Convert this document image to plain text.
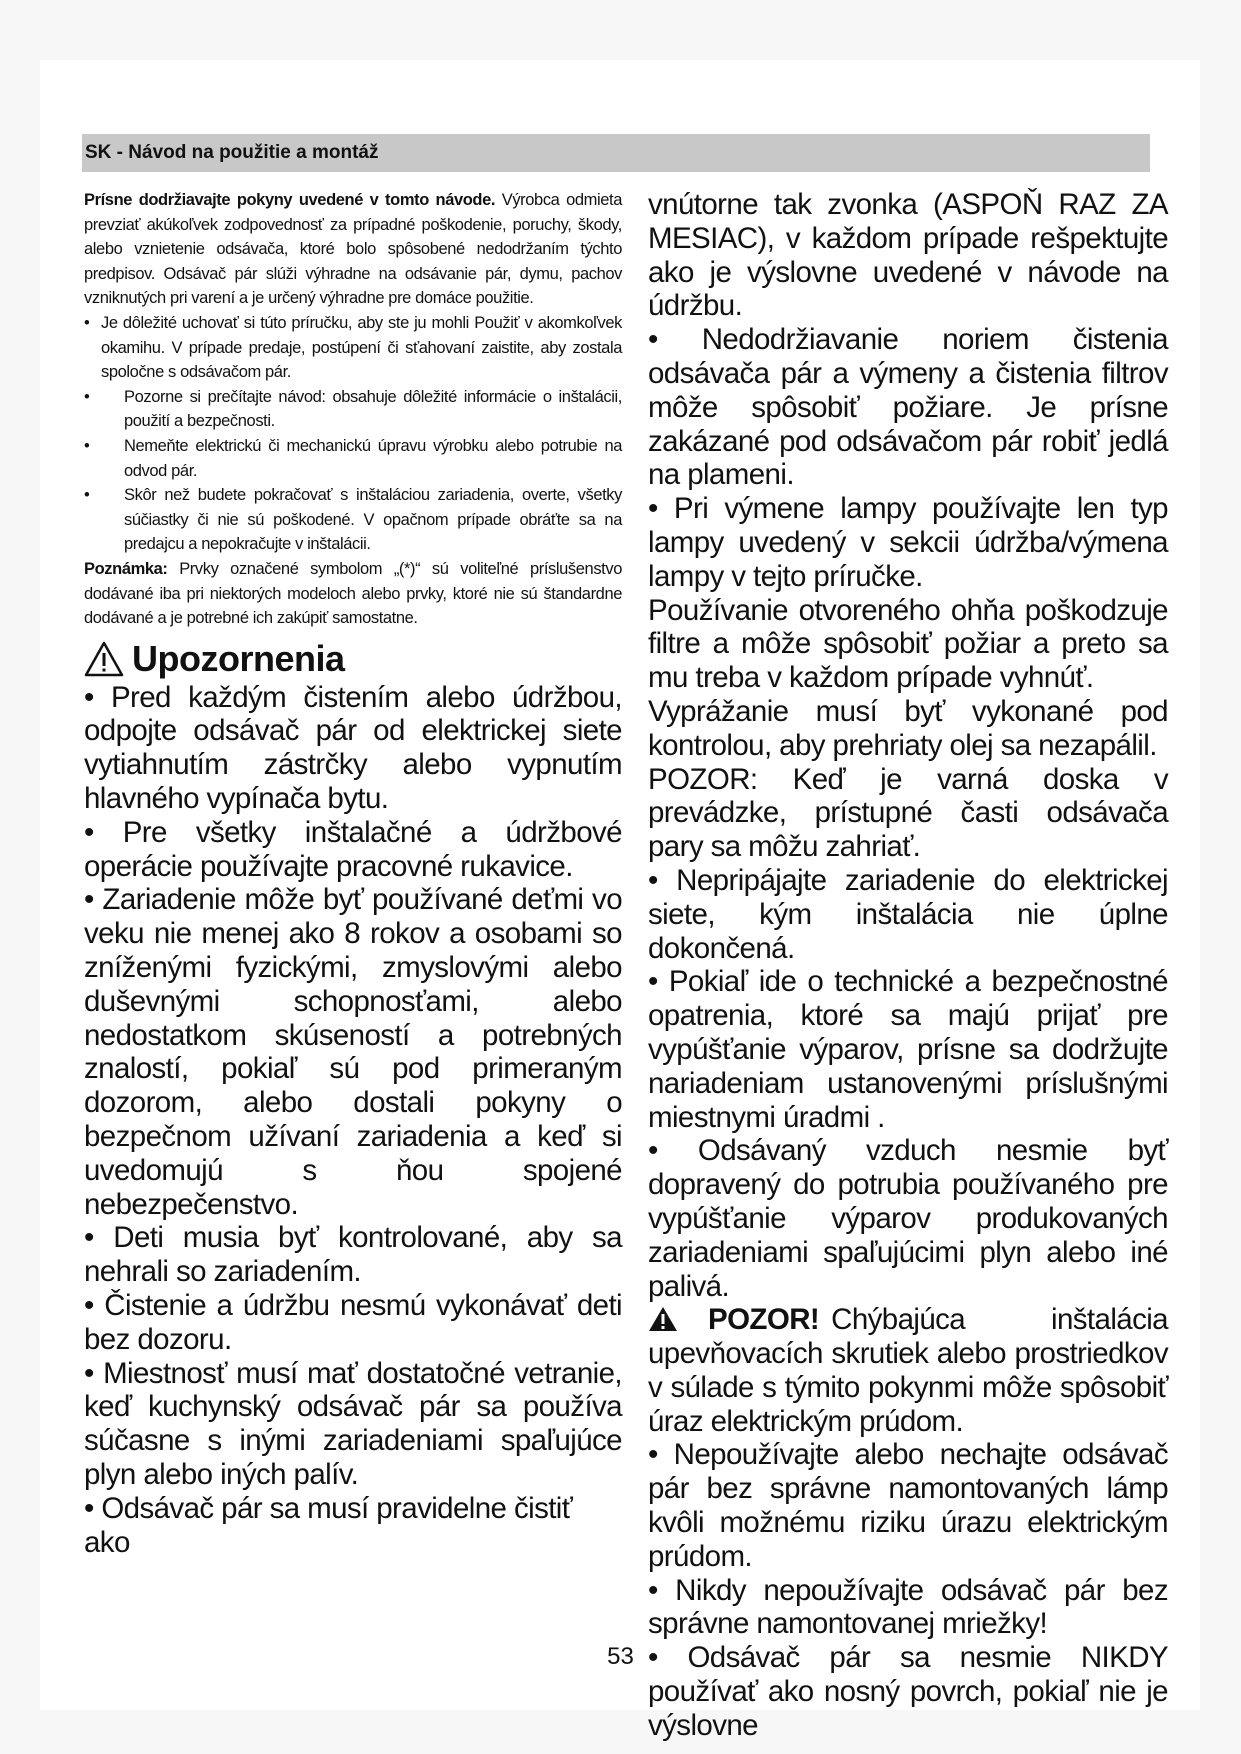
SK - Návod na použitie a montáž

Prísne dodržiavajte pokyny uvedené v tomto návode. Výrobca odmieta prevziať akúkoľvek zodpovednosť za prípadné poškodenie, poruchy, škody, alebo vznietenie odsávača, ktoré bolo spôsobené nedodržaním týchto predpisov. Odsávač pár slúži výhradne na odsávanie pár, dymu, pachov vzniknutých pri varení a je určený výhradne pre domáce použitie.

• Je dôležité uchovať si túto príručku, aby ste ju mohli Použiť v akomkoľvek okamihu. V prípade predaje, postúpení či sťahovaní zaistite, aby zostala spoločne s odsávačom pár.
• Pozorne si prečítajte návod: obsahuje dôležité informácie o inštalácii, použití a bezpečnosti.
• Nemeňte elektrickú či mechanickú úpravu výrobku alebo potrubie na odvod pár.
• Skôr než budete pokračovať s inštaláciou zariadenia, overte, všetky súčiastky či nie sú poškodené. V opačnom prípade obráťte sa na predajcu a nepokračujte v inštalácii.

Poznámka: Prvky označené symbolom „(*)“ sú voliteľné príslušenstvo dodávané iba pri niektorých modeloch alebo prvky, ktoré nie sú štandardne dodávané a je potrebné ich zakúpiť samostatne.

Upozornenia

• Pred každým čistením alebo údržbou, odpojte odsávač pár od elektrickej siete vytiahnutím zástrčky alebo vypnutím hlavného vypínača bytu.

• Pre všetky inštalačné a údržbové operácie používajte pracovné rukavice.

• Zariadenie môže byť používané deťmi vo veku nie menej ako 8 rokov a osobami so zníženými fyzickými, zmyslovými alebo duševnými schopnosťami, alebo nedostatkom skúseností a potrebných znalostí, pokiaľ sú pod primeraným dozorom, alebo dostali pokyny o bezpečnom užívaní zariadenia a keď si uvedomujú s ňou spojené nebezpečenstvo.

• Deti musia byť kontrolované, aby sa nehrali so zariadením.

• Čistenie a údržbu nesmú vykonávať deti bez dozoru.

• Miestnosť musí mať dostatočné vetranie, keď kuchynský odsávač pár sa používa súčasne s inými zariadeniami spaľujúce plyn alebo iných palív.

• Odsávač pár sa musí pravidelne čistiť ako

vnútorne tak zvonka (ASPOŇ RAZ ZA MESIAC), v každom prípade rešpektujte ako je výslovne uvedené v návode na údržbu.

• Nedodržiavanie noriem čistenia odsávača pár a výmeny a čistenia filtrov môže spôsobiť požiare. Je prísne zakázané pod odsávačom pár robiť jedlá na plameni.

• Pri výmene lampy používajte len typ lampy uvedený v sekcii údržba/výmena lampy v tejto príručke.

Používanie otvoreného ohňa poškodzuje filtre a môže spôsobiť požiar a preto sa mu treba v každom prípade vyhnúť.

Vyprážanie musí byť vykonané pod kontrolou, aby prehriaty olej sa nezapálil.

POZOR: Keď je varná doska v prevádzke, prístupné časti odsávača pary sa môžu zahriať.

• Nepripájajte zariadenie do elektrickej siete, kým inštalácia nie úplne dokončená.

• Pokiaľ ide o technické a bezpečnostné opatrenia, ktoré sa majú prijať pre vypúšťanie výparov, prísne sa dodržujte nariadeniam ustanovenými príslušnými miestnymi úradmi .

• Odsávaný vzduch nesmie byť dopravený do potrubia používaného pre vypúšťanie výparov produkovaných zariadeniami spaľujúcimi plyn alebo iné palivá.

POZOR! Chýbajúca inštalácia upevňovacích skrutiek alebo prostriedkov v súlade s týmito pokynmi môže spôsobiť úraz elektrickým prúdom.

• Nepoužívajte alebo nechajte odsávač pár bez správne namontovaných lámp kvôli možnému riziku úrazu elektrickým prúdom.

• Nikdy nepoužívajte odsávač pár bez správne namontovanej mriežky!

• Odsávač pár sa nesmie NIKDY používať ako nosný povrch, pokiaľ nie je výslovne

53
